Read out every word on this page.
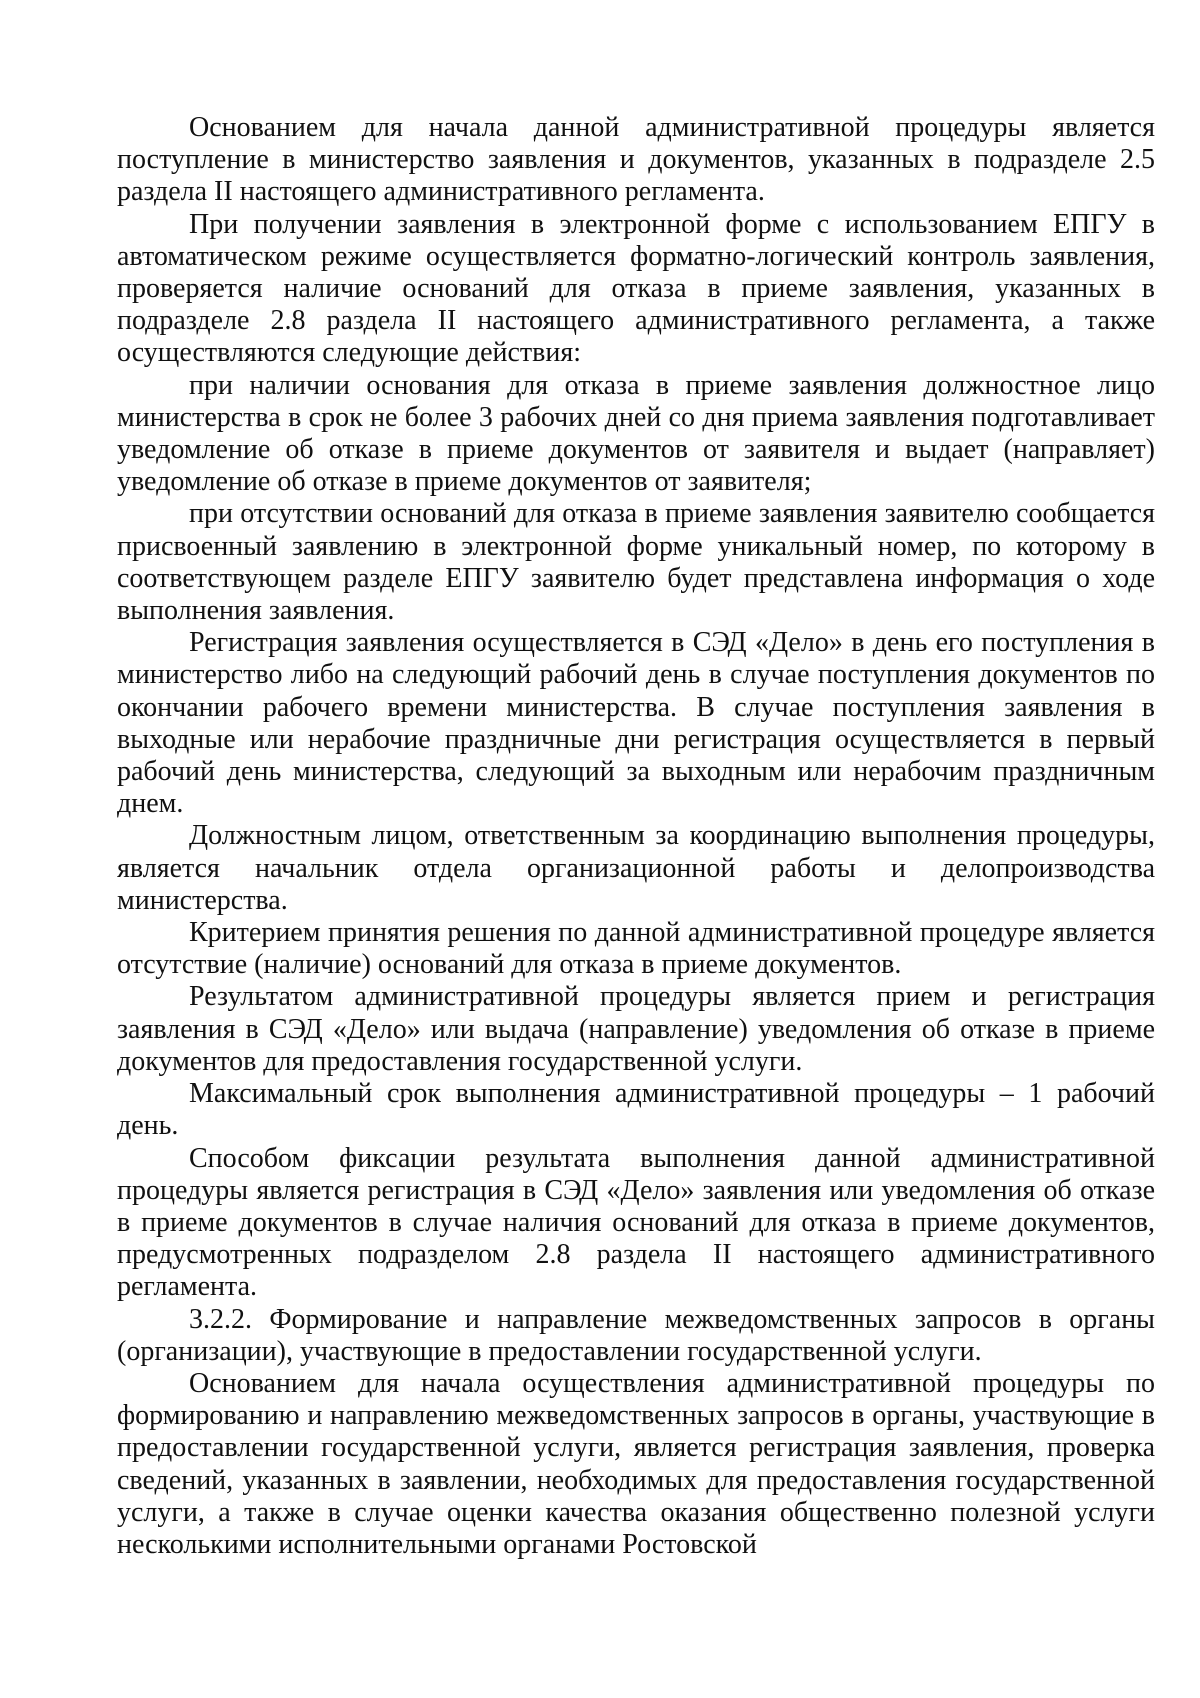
Основанием для начала данной административной процедуры является поступление в министерство заявления и документов, указанных в подразделе 2.5 раздела II настоящего административного регламента.

При получении заявления в электронной форме с использованием ЕПГУ в автоматическом режиме осуществляется форматно-логический контроль заявления, проверяется наличие оснований для отказа в приеме заявления, указанных в подразделе 2.8 раздела II настоящего административного регламента, а также осуществляются следующие действия:

при наличии основания для отказа в приеме заявления должностное лицо министерства в срок не более 3 рабочих дней со дня приема заявления подготавливает уведомление об отказе в приеме документов от заявителя и выдает (направляет) уведомление об отказе в приеме документов от заявителя;

при отсутствии оснований для отказа в приеме заявления заявителю сообщается присвоенный заявлению в электронной форме уникальный номер, по которому в соответствующем разделе ЕПГУ заявителю будет представлена информация о ходе выполнения заявления.

Регистрация заявления осуществляется в СЭД «Дело» в день его поступления в министерство либо на следующий рабочий день в случае поступления документов по окончании рабочего времени министерства. В случае поступления заявления в выходные или нерабочие праздничные дни регистрация осуществляется в первый рабочий день министерства, следующий за выходным или нерабочим праздничным днем.

Должностным лицом, ответственным за координацию выполнения процедуры, является начальник отдела организационной работы и делопроизводства министерства.

Критерием принятия решения по данной административной процедуре является отсутствие (наличие) оснований для отказа в приеме документов.

Результатом административной процедуры является прием и регистрация заявления в СЭД «Дело» или выдача (направление) уведомления об отказе в приеме документов для предоставления государственной услуги.

Максимальный срок выполнения административной процедуры – 1 рабочий день.

Способом фиксации результата выполнения данной административной процедуры является регистрация в СЭД «Дело» заявления или уведомления об отказе в приеме документов в случае наличия оснований для отказа в приеме документов, предусмотренных подразделом 2.8 раздела II настоящего административного регламента.

3.2.2. Формирование и направление межведомственных запросов в органы (организации), участвующие в предоставлении государственной услуги.

Основанием для начала осуществления административной процедуры по формированию и направлению межведомственных запросов в органы, участвующие в предоставлении государственной услуги, является регистрация заявления, проверка сведений, указанных в заявлении, необходимых для предоставления государственной услуги, а также в случае оценки качества оказания общественно полезной услуги несколькими исполнительными органами Ростовской
